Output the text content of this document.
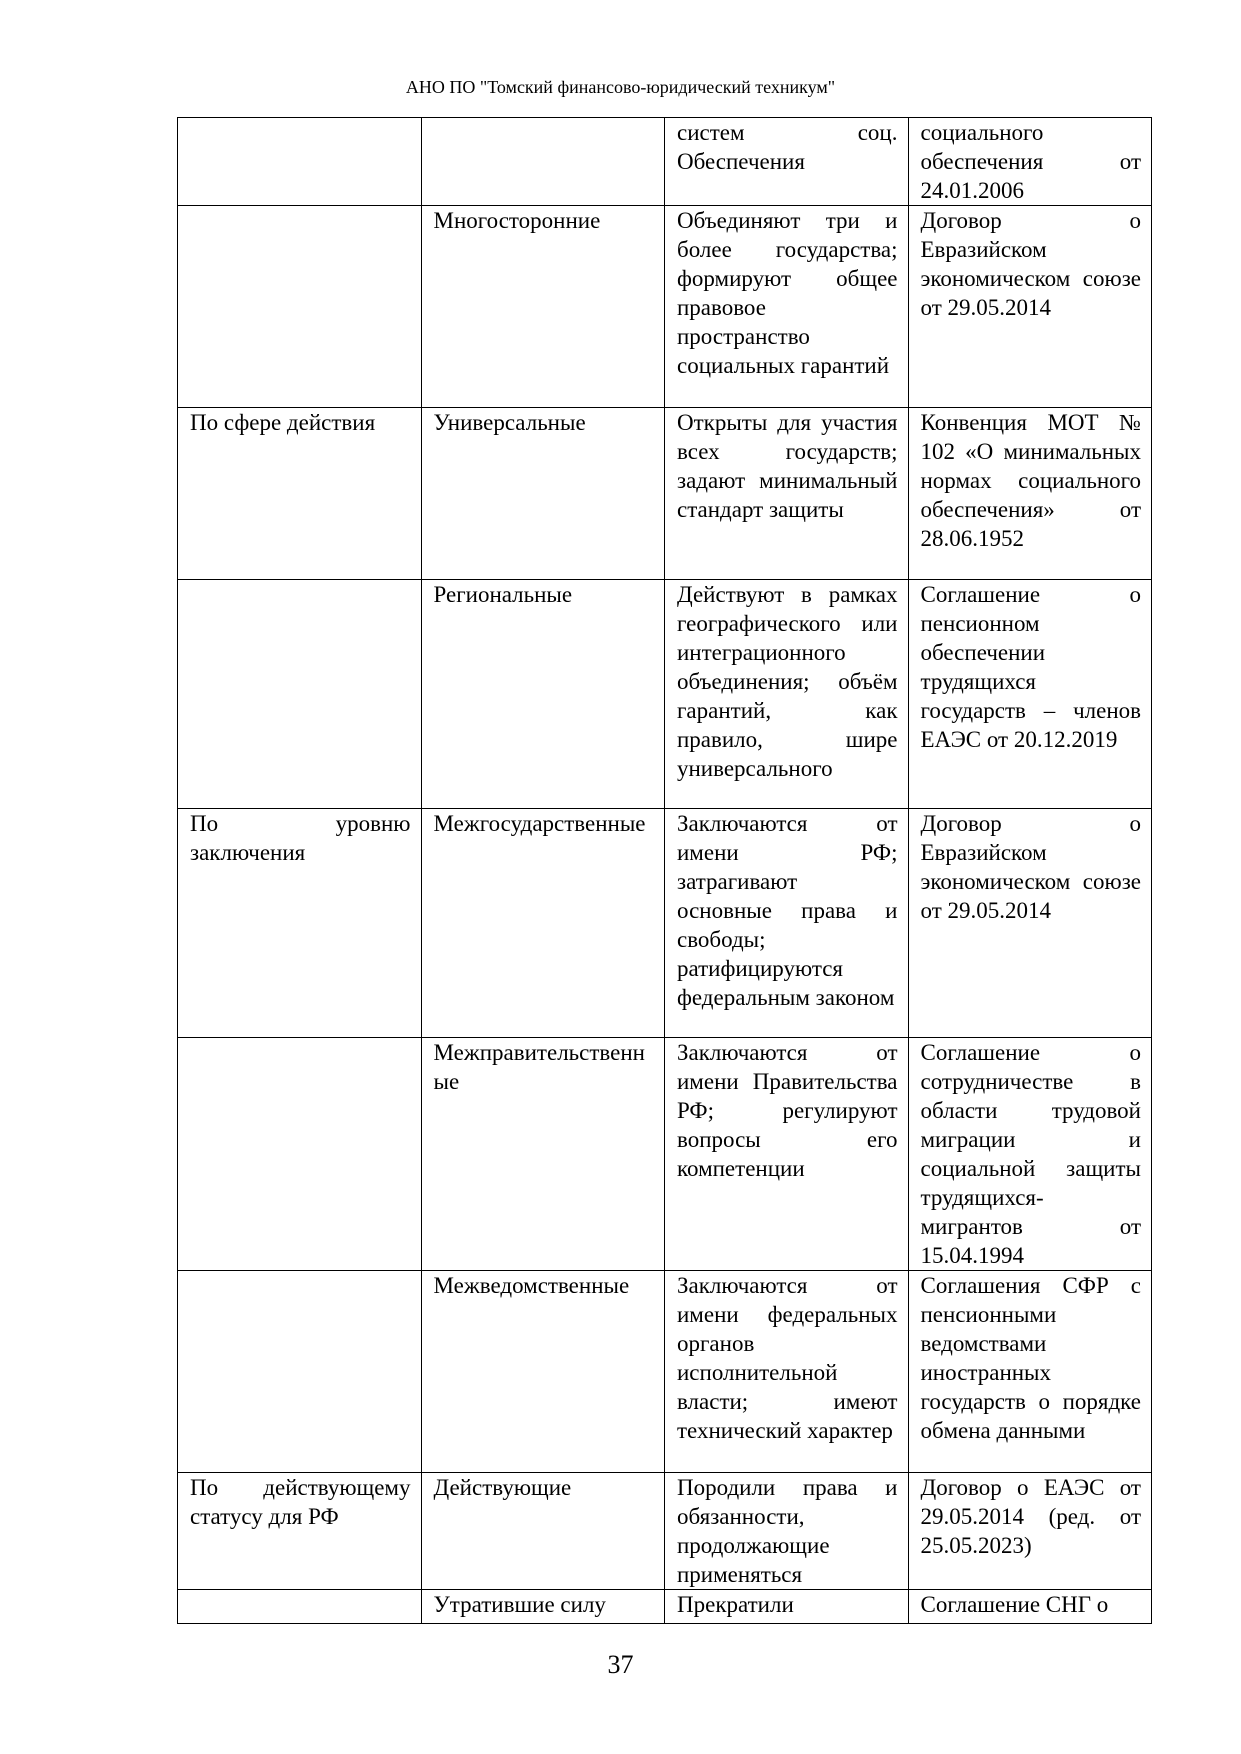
АНО ПО "Томский финансово-юридический техникум"
		систем соц. Обеспечения	социального обеспечения от 24.01.2006
	Многосторонние	Объединяют три и более государства; формируют общее правовое пространство социальных гарантий	Договор о Евразийском экономическом союзе от 29.05.2014
По сфере действия	Универсальные	Открыты для участия всех государств; задают минимальный стандарт защиты	Конвенция МОТ № 102 «О минимальных нормах социального обеспечения» от 28.06.1952
	Региональные	Действуют в рамках географического или интеграционного объединения; объём гарантий, как правило, шире универсального	Соглашение о пенсионном обеспечении трудящихся государств – членов ЕАЭС от 20.12.2019
По уровню заключения	Межгосударственные	Заключаются от имени РФ; затрагивают основные права и свободы; ратифицируются федеральным законом	Договор о Евразийском экономическом союзе от 29.05.2014
	Межправительственные	Заключаются от имени Правительства РФ; регулируют вопросы его компетенции	Соглашение о сотрудничестве в области трудовой миграции и социальной защиты трудящихся-мигрантов от 15.04.1994
	Межведомственные	Заключаются от имени федеральных органов исполнительной власти; имеют технический характер	Соглашения СФР с пенсионными ведомствами иностранных государств о порядке обмена данными
По действующему статусу для РФ	Действующие	Породили права и обязанности, продолжающие применяться	Договор о ЕАЭС от 29.05.2014 (ред. от 25.05.2023)
	Утратившие силу	Прекратили	Соглашение СНГ о
37
